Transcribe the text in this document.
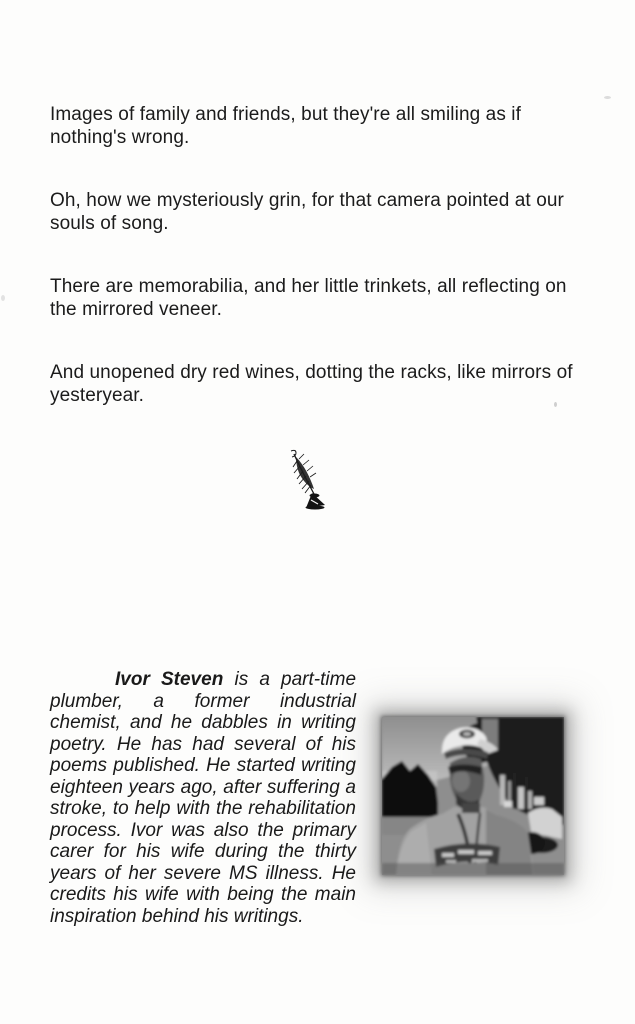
Images of family and friends, but they're all smiling as if nothing's wrong.

Oh, how we mysteriously grin, for that camera pointed at our souls of song.

There are memorabilia, and her little trinkets, all reflecting on the mirrored veneer.

And unopened dry red wines, dotting the racks, like mirrors of yesteryear.

Ivor Steven is a part-time plumber, a former industrial chemist, and he dabbles in writing poetry. He has had several of his poems published. He started writing eighteen years ago, after suffering a stroke, to help with the rehabilitation process. Ivor was also the primary carer for his wife during the thirty years of her severe MS illness. He credits his wife with being the main inspiration behind his writings.
